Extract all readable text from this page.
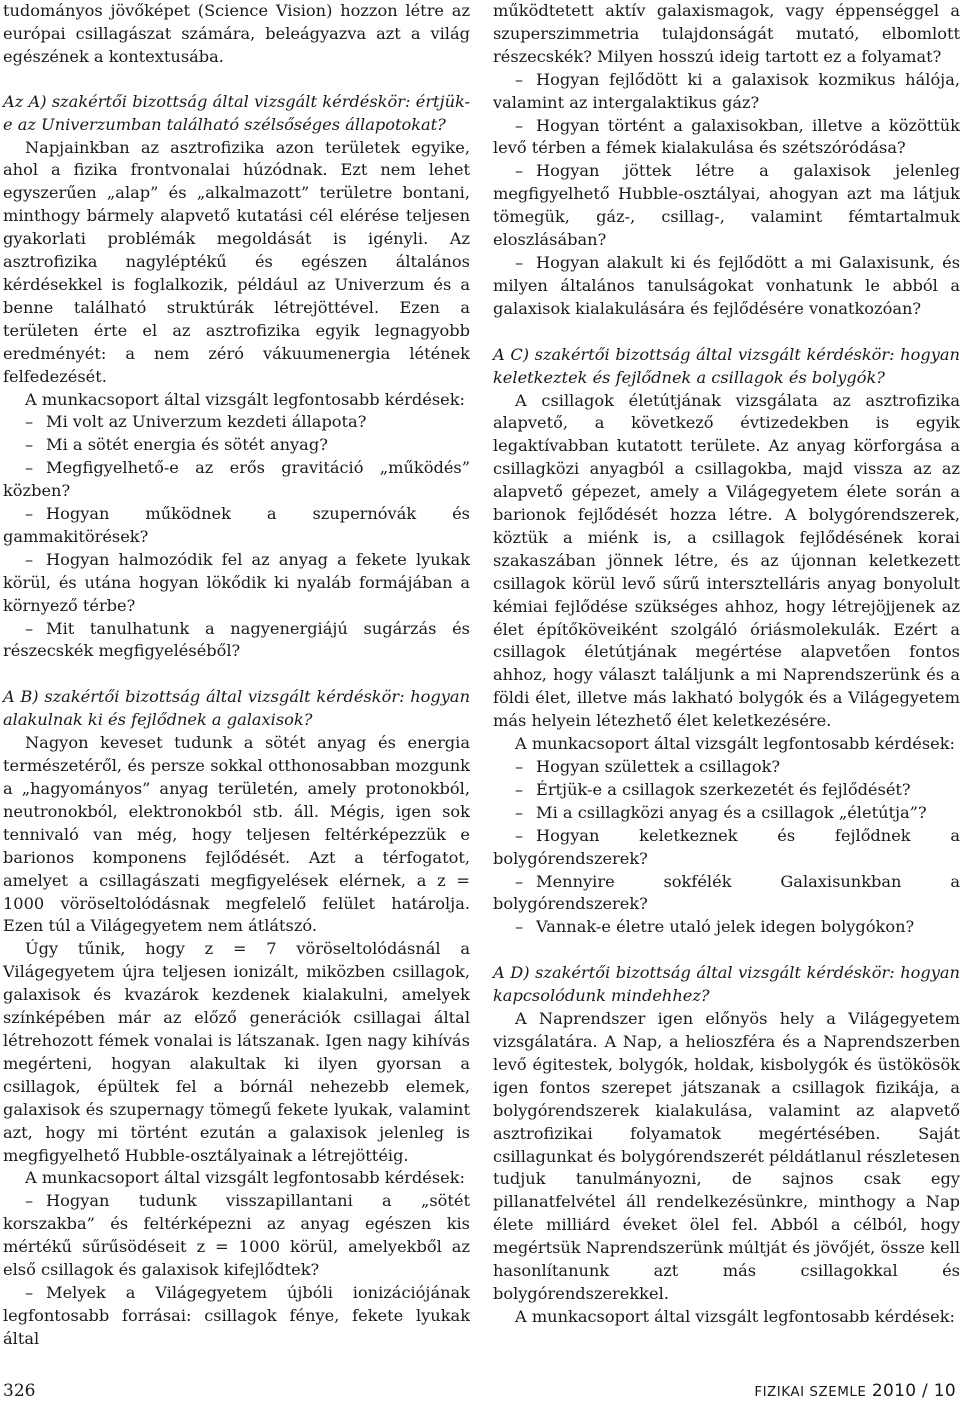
tudományos jövőképet (Science Vision) hozzon létre az európai csillagászat számára, beleágyazva azt a világ egészének a kontextusába.

Az A) szakértői bizottság által vizsgált kérdéskör: értjük-e az Univerzumban található szélsőséges állapotokat?

Napjainkban az asztrofizika azon területek egyike, ahol a fizika frontvonalai húzódnak. Ezt nem lehet egyszerűen „alap” és „alkalmazott” területre bontani, minthogy bármely alapvető kutatási cél elérése teljesen gyakorlati problémák megoldását is igényli. Az asztrofizika nagyléptékű és egészen általános kérdésekkel is foglalkozik, például az Univerzum és a benne található struktúrák létrejöttével. Ezen a területen érte el az asztrofizika egyik legnagyobb eredményét: a nem zéró vákuumenergia létének felfedezését.

A munkacsoport által vizsgált legfontosabb kérdések:

– Mi volt az Univerzum kezdeti állapota?

– Mi a sötét energia és sötét anyag?

– Megfigyelhető-e az erős gravitáció „működés” közben?

– Hogyan működnek a szupernóvák és gammakitörések?

– Hogyan halmozódik fel az anyag a fekete lyukak körül, és utána hogyan lökődik ki nyaláb formájában a környező térbe?

– Mit tanulhatunk a nagyenergiájú sugárzás és részecskék megfigyeléséből?

A B) szakértői bizottság által vizsgált kérdéskör: hogyan alakulnak ki és fejlődnek a galaxisok?

Nagyon keveset tudunk a sötét anyag és energia természetéről, és persze sokkal otthonosabban mozgunk a „hagyományos” anyag területén, amely protonokból, neutronokból, elektronokból stb. áll. Mégis, igen sok tennivaló van még, hogy teljesen feltérképezzük e barionos komponens fejlődését. Azt a térfogatot, amelyet a csillagászati megfigyelések elérnek, a z = 1000 vöröseltolódásnak megfelelő felület határolja. Ezen túl a Világegyetem nem átlátszó.

Úgy tűnik, hogy z = 7 vöröseltolódásnál a Világegyetem újra teljesen ionizált, miközben csillagok, galaxisok és kvazárok kezdenek kialakulni, amelyek színképében már az előző generációk csillagai által létrehozott fémek vonalai is látszanak. Igen nagy kihívás megérteni, hogyan alakultak ki ilyen gyorsan a csillagok, épültek fel a bórnál nehezebb elemek, galaxisok és szupernagy tömegű fekete lyukak, valamint azt, hogy mi történt ezután a galaxisok jelenleg is megfigyelhető Hubble-osztályainak a létrejöttéig.

A munkacsoport által vizsgált legfontosabb kérdések:

– Hogyan tudunk visszapillantani a „sötét korszakba” és feltérképezni az anyag egészen kis mértékű sűrűsödéseit z = 1000 körül, amelyekből az első csillagok és galaxisok kifejlődtek?

– Melyek a Világegyetem újbóli ionizációjának legfontosabb forrásai: csillagok fénye, fekete lyukak által

működtetett aktív galaxismagok, vagy éppenséggel a szuperszimmetria tulajdonságát mutató, elbomlott részecskék? Milyen hosszú ideig tartott ez a folyamat?

– Hogyan fejlődött ki a galaxisok kozmikus hálója, valamint az intergalaktikus gáz?

– Hogyan történt a galaxisokban, illetve a közöttük levő térben a fémek kialakulása és szétszóródása?

– Hogyan jöttek létre a galaxisok jelenleg megfigyelhető Hubble-osztályai, ahogyan azt ma látjuk tömegük, gáz-, csillag-, valamint fémtartalmuk eloszlásában?

– Hogyan alakult ki és fejlődött a mi Galaxisunk, és milyen általános tanulságokat vonhatunk le abból a galaxisok kialakulására és fejlődésére vonatkozóan?

A C) szakértői bizottság által vizsgált kérdéskör: hogyan keletkeztek és fejlődnek a csillagok és bolygók?

A csillagok életútjának vizsgálata az asztrofizika alapvető, a következő évtizedekben is egyik legaktívabban kutatott területe. Az anyag körforgása a csillagközi anyagból a csillagokba, majd vissza az az alapvető gépezet, amely a Világegyetem élete során a barionok fejlődését hozza létre. A bolygórendszerek, köztük a miénk is, a csillagok fejlődésének korai szakaszában jönnek létre, és az újonnan keletkezett csillagok körül levő sűrű intersztelláris anyag bonyolult kémiai fejlődése szükséges ahhoz, hogy létrejöjjenek az élet építőköveiként szolgáló óriásmolekulák. Ezért a csillagok életútjának megértése alapvetően fontos ahhoz, hogy választ találjunk a mi Naprendszerünk és a földi élet, illetve más lakható bolygók és a Világegyetem más helyein létezhető élet keletkezésére.

A munkacsoport által vizsgált legfontosabb kérdések:

– Hogyan születtek a csillagok?

– Értjük-e a csillagok szerkezetét és fejlődését?

– Mi a csillagközi anyag és a csillagok „életútja”?

– Hogyan keletkeznek és fejlődnek a bolygórendszerek?

– Mennyire sokfélék Galaxisunkban a bolygórendszerek?

– Vannak-e életre utaló jelek idegen bolygókon?

A D) szakértői bizottság által vizsgált kérdéskör: hogyan kapcsolódunk mindehhez?

A Naprendszer igen előnyös hely a Világegyetem vizsgálatára. A Nap, a helioszféra és a Naprendszerben levő égitestek, bolygók, holdak, kisbolygók és üstökösök igen fontos szerepet játszanak a csillagok fizikája, a bolygórendszerek kialakulása, valamint az alapvető asztrofizikai folyamatok megértésében. Saját csillagunkat és bolygórendszerét példátlanul részletesen tudjuk tanulmányozni, de sajnos csak egy pillanatfelvétel áll rendelkezésünkre, minthogy a Nap élete milliárd éveket ölel fel. Abból a célból, hogy megértsük Naprendszerünk múltját és jövőjét, össze kell hasonlítanunk azt más csillagokkal és bolygórendszerekkel.

A munkacsoport által vizsgált legfontosabb kérdések:

326	FIZIKAI SZEMLE 2010 / 10
